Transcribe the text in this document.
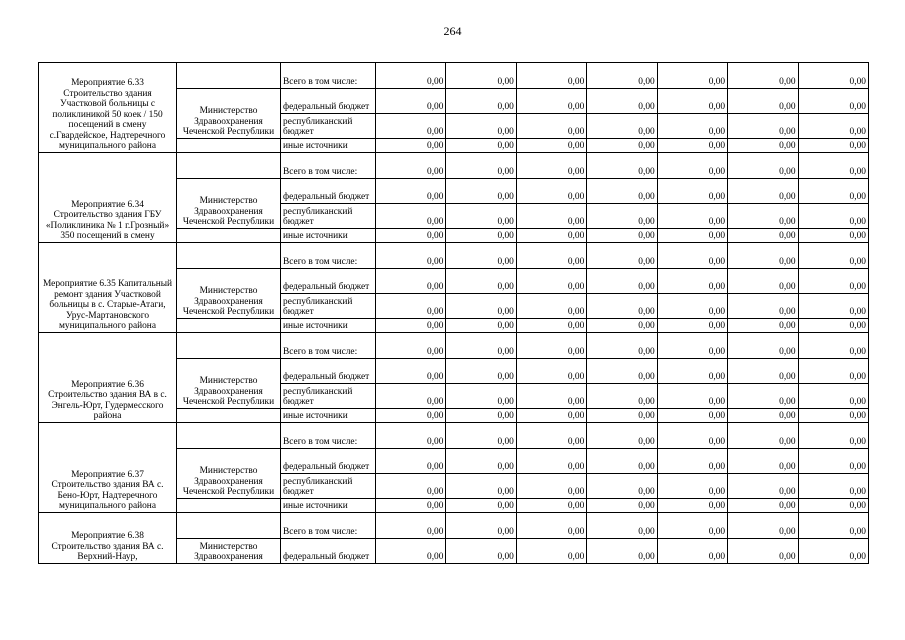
264
Мероприятие 6.33 Строительство здания Участковой больницы с поликлиникой 50 коек / 150 посещений в смену с.Гвардейское, Надтеречного муниципального района		Всего в том числе:	0,00	0,00	0,00	0,00	0,00	0,00	0,00
	Министерство Здравоохранения Чеченской Республики	федеральный бюджет	0,00	0,00	0,00	0,00	0,00	0,00	0,00
		республиканский бюджет	0,00	0,00	0,00	0,00	0,00	0,00	0,00
		иные источники	0,00	0,00	0,00	0,00	0,00	0,00	0,00
Мероприятие 6.34 Строительство здания ГБУ «Поликлиника № 1 г.Грозный» 350 посещений в смену		Всего в том числе:	0,00	0,00	0,00	0,00	0,00	0,00	0,00
	Министерство Здравоохранения Чеченской Республики	федеральный бюджет	0,00	0,00	0,00	0,00	0,00	0,00	0,00
		республиканский бюджет	0,00	0,00	0,00	0,00	0,00	0,00	0,00
		иные источники	0,00	0,00	0,00	0,00	0,00	0,00	0,00
Мероприятие 6.35 Капитальный ремонт здания Участковой больницы в с. Старые-Атаги, Урус-Мартановского муниципального района		Всего в том числе:	0,00	0,00	0,00	0,00	0,00	0,00	0,00
	Министерство Здравоохранения Чеченской Республики	федеральный бюджет	0,00	0,00	0,00	0,00	0,00	0,00	0,00
		республиканский бюджет	0,00	0,00	0,00	0,00	0,00	0,00	0,00
		иные источники	0,00	0,00	0,00	0,00	0,00	0,00	0,00
Мероприятие 6.36 Строительство здания ВА в с. Энгель-Юрт, Гудермесского района		Всего в том числе:	0,00	0,00	0,00	0,00	0,00	0,00	0,00
	Министерство Здравоохранения Чеченской Республики	федеральный бюджет	0,00	0,00	0,00	0,00	0,00	0,00	0,00
		республиканский бюджет	0,00	0,00	0,00	0,00	0,00	0,00	0,00
		иные источники	0,00	0,00	0,00	0,00	0,00	0,00	0,00
Мероприятие 6.37 Строительство здания ВА с. Бено-Юрт, Надтеречного муниципального района		Всего в том числе:	0,00	0,00	0,00	0,00	0,00	0,00	0,00
	Министерство Здравоохранения Чеченской Республики	федеральный бюджет	0,00	0,00	0,00	0,00	0,00	0,00	0,00
		республиканский бюджет	0,00	0,00	0,00	0,00	0,00	0,00	0,00
		иные источники	0,00	0,00	0,00	0,00	0,00	0,00	0,00
Мероприятие 6.38 Строительство здания ВА с. Верхний-Наур,		Всего в том числе:	0,00	0,00	0,00	0,00	0,00	0,00	0,00
	Министерство Здравоохранения	федеральный бюджет	0,00	0,00	0,00	0,00	0,00	0,00	0,00
